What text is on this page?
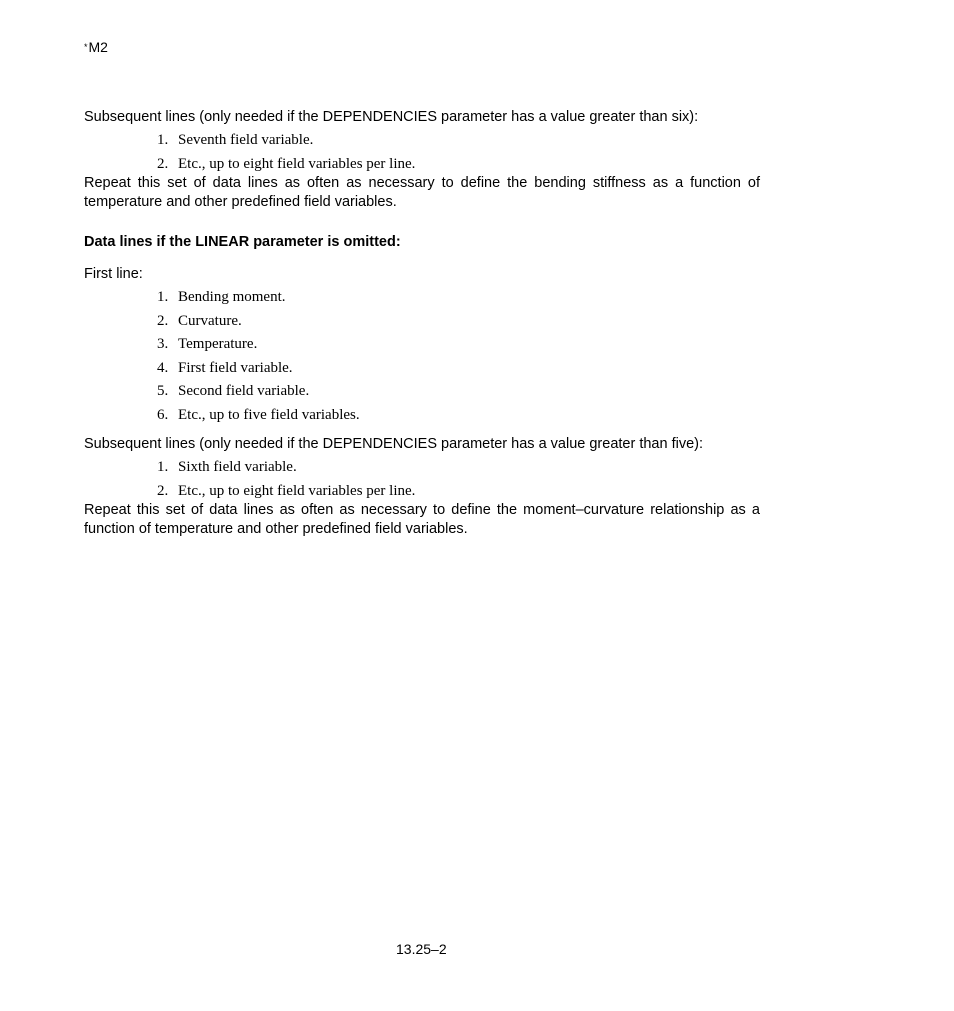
*M2

Subsequent lines (only needed if the DEPENDENCIES parameter has a value greater than six):

1. Seventh field variable.
2. Etc., up to eight field variables per line.

Repeat this set of data lines as often as necessary to define the bending stiffness as a function of temperature and other predefined field variables.

Data lines if the LINEAR parameter is omitted:

First line:

1. Bending moment.
2. Curvature.
3. Temperature.
4. First field variable.
5. Second field variable.
6. Etc., up to five field variables.

Subsequent lines (only needed if the DEPENDENCIES parameter has a value greater than five):

1. Sixth field variable.
2. Etc., up to eight field variables per line.

Repeat this set of data lines as often as necessary to define the moment–curvature relationship as a function of temperature and other predefined field variables.

13.25–2
